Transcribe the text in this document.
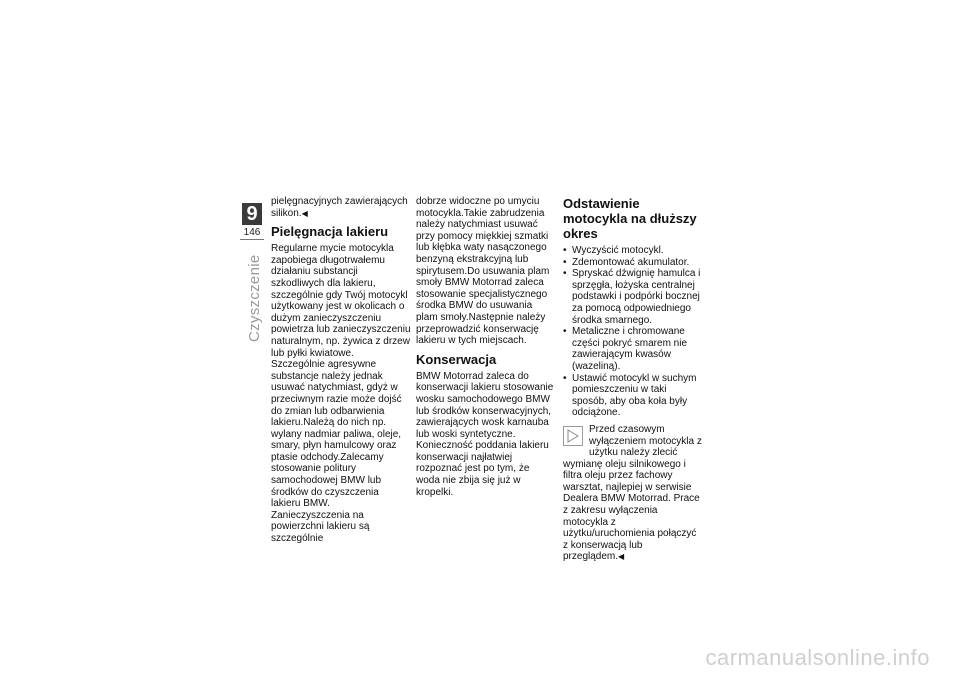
9
146
Czyszczenie

pielęgnacyjnych zawierających silikon.◀

Pielęgnacja lakieru

Regularne mycie motocykla zapobiega długotrwałemu działaniu substancji szkodliwych dla lakieru, szczególnie gdy Twój motocykl użytkowany jest w okolicach o dużym zanieczyszczeniu powietrza lub zanieczyszczeniu naturalnym, np. żywica z drzew lub pyłki kwiatowe.

Szczególnie agresywne substancje należy jednak usuwać natychmiast, gdyż w przeciwnym razie może dojść do zmian lub odbarwienia lakieru.Należą do nich np. wylany nadmiar paliwa, oleje, smary, płyn hamulcowy oraz ptasie odchody.Zalecamy stosowanie politury samochodowej BMW lub środków do czyszczenia lakieru BMW.

Zanieczyszczenia na powierzchni lakieru są szczególnie

dobrze widoczne po umyciu motocykla.Takie zabrudzenia należy natychmiast usuwać przy pomocy miękkiej szmatki lub kłębka waty nasączonego benzyną ekstrakcyjną lub spirytusem.Do usuwania plam smoły BMW Motorrad zaleca stosowanie specjalistycznego środka BMW do usuwania plam smoły.Następnie należy przeprowadzić konserwację lakieru w tych miejscach.

Konserwacja

BMW Motorrad zaleca do konserwacji lakieru stosowanie wosku samochodowego BMW lub środków konserwacyjnych, zawierających wosk karnauba lub woski syntetyczne.

Konieczność poddania lakieru konserwacji najłatwiej rozpoznać jest po tym, że woda nie zbija się już w kropelki.

Odstawienie motocykla na dłuższy okres
• Wyczyścić motocykl.
• Zdemontować akumulator.
• Spryskać dźwignię hamulca i sprzęgła, łożyska centralnej podstawki i podpórki bocznej za pomocą odpowiedniego środka smarnego.
• Metaliczne i chromowane części pokryć smarem nie zawierającym kwasów (wazeliną).
• Ustawić motocykl w suchym pomieszczeniu w taki sposób, aby oba koła były odciążone.
Przed czasowym wyłączeniem motocykla z użytku należy zlecić wymianę oleju silnikowego i filtra oleju przez fachowy warsztat, najlepiej w serwisie Dealera BMW Motorrad. Prace z zakresu wyłączenia motocykla z użytku/uruchomienia połączyć z konserwacją lub przeglądem.◀
carmanualsonline.info
